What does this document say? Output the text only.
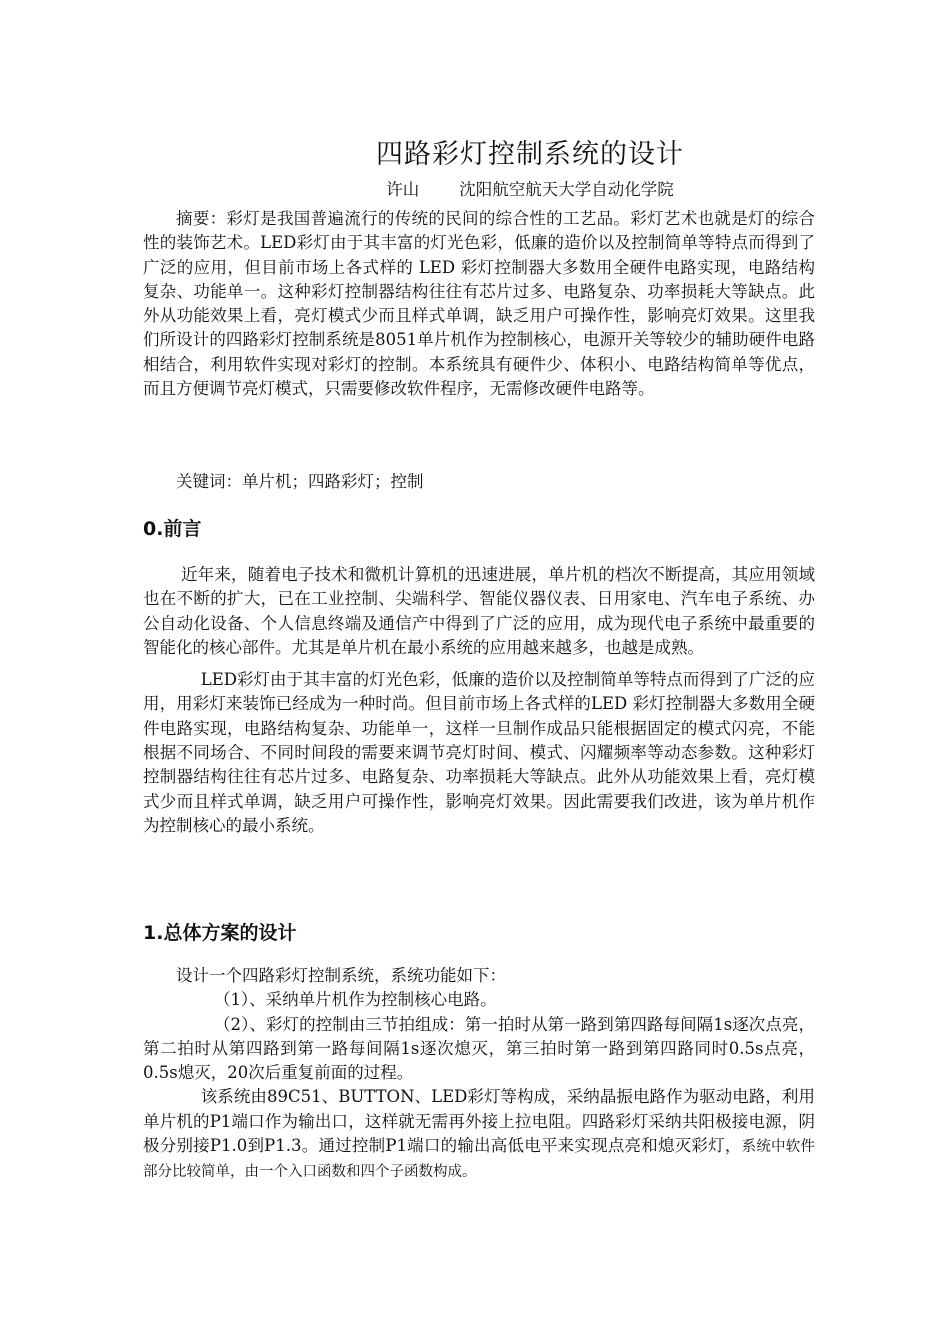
四路彩灯控制系统的设计
许山 沈阳航空航天大学自动化学院

摘要：彩灯是我国普遍流行的传统的民间的综合性的工艺品。彩灯艺术也就是灯的综合性的装饰艺术。LED彩灯由于其丰富的灯光色彩，低廉的造价以及控制简单等特点而得到了广泛的应用，但目前市场上各式样的 LED 彩灯控制器大多数用全硬件电路实现，电路结构复杂、功能单一。这种彩灯控制器结构往往有芯片过多、电路复杂、功率损耗大等缺点。此外从功能效果上看，亮灯模式少而且样式单调，缺乏用户可操作性，影响亮灯效果。这里我们所设计的四路彩灯控制系统是8051单片机作为控制核心，电源开关等较少的辅助硬件电路相结合，利用软件实现对彩灯的控制。本系统具有硬件少、体积小、电路结构简单等优点，而且方便调节亮灯模式，只需要修改软件程序，无需修改硬件电路等。

关键词：单片机；四路彩灯；控制
0.前言

近年来，随着电子技术和微机计算机的迅速进展，单片机的档次不断提高，其应用领域也在不断的扩大，已在工业控制、尖端科学、智能仪器仪表、日用家电、汽车电子系统、办公自动化设备、个人信息终端及通信产中得到了广泛的应用，成为现代电子系统中最重要的智能化的核心部件。尤其是单片机在最小系统的应用越来越多，也越是成熟。

LED彩灯由于其丰富的灯光色彩，低廉的造价以及控制简单等特点而得到了广泛的应用，用彩灯来装饰已经成为一种时尚。但目前市场上各式样的LED 彩灯控制器大多数用全硬件电路实现，电路结构复杂、功能单一，这样一旦制作成品只能根据固定的模式闪亮，不能根据不同场合、不同时间段的需要来调节亮灯时间、模式、闪耀频率等动态参数。这种彩灯控制器结构往往有芯片过多、电路复杂、功率损耗大等缺点。此外从功能效果上看，亮灯模式少而且样式单调，缺乏用户可操作性，影响亮灯效果。因此需要我们改进，该为单片机作为控制核心的最小系统。

1.总体方案的设计

设计一个四路彩灯控制系统，系统功能如下：

（1）、采纳单片机作为控制核心电路。

（2）、彩灯的控制由三节拍组成：第一拍时从第一路到第四路每间隔1s逐次点亮， 第二拍时从第四路到第一路每间隔1s逐次熄灭，第三拍时第一路到第四路同时0.5s点亮，0.5s熄灭，20次后重复前面的过程。

该系统由89C51、BUTTON、LED彩灯等构成，采纳晶振电路作为驱动电路，利用单片机的P1端口作为输出口，这样就无需再外接上拉电阻。四路彩灯采纳共阳极接电源，阴极分别接P1.0到P1.3。通过控制P1端口的输出高低电平来实现点亮和熄灭彩灯，系统中软件部分比较简单，由一个入口函数和四个子函数构成。
